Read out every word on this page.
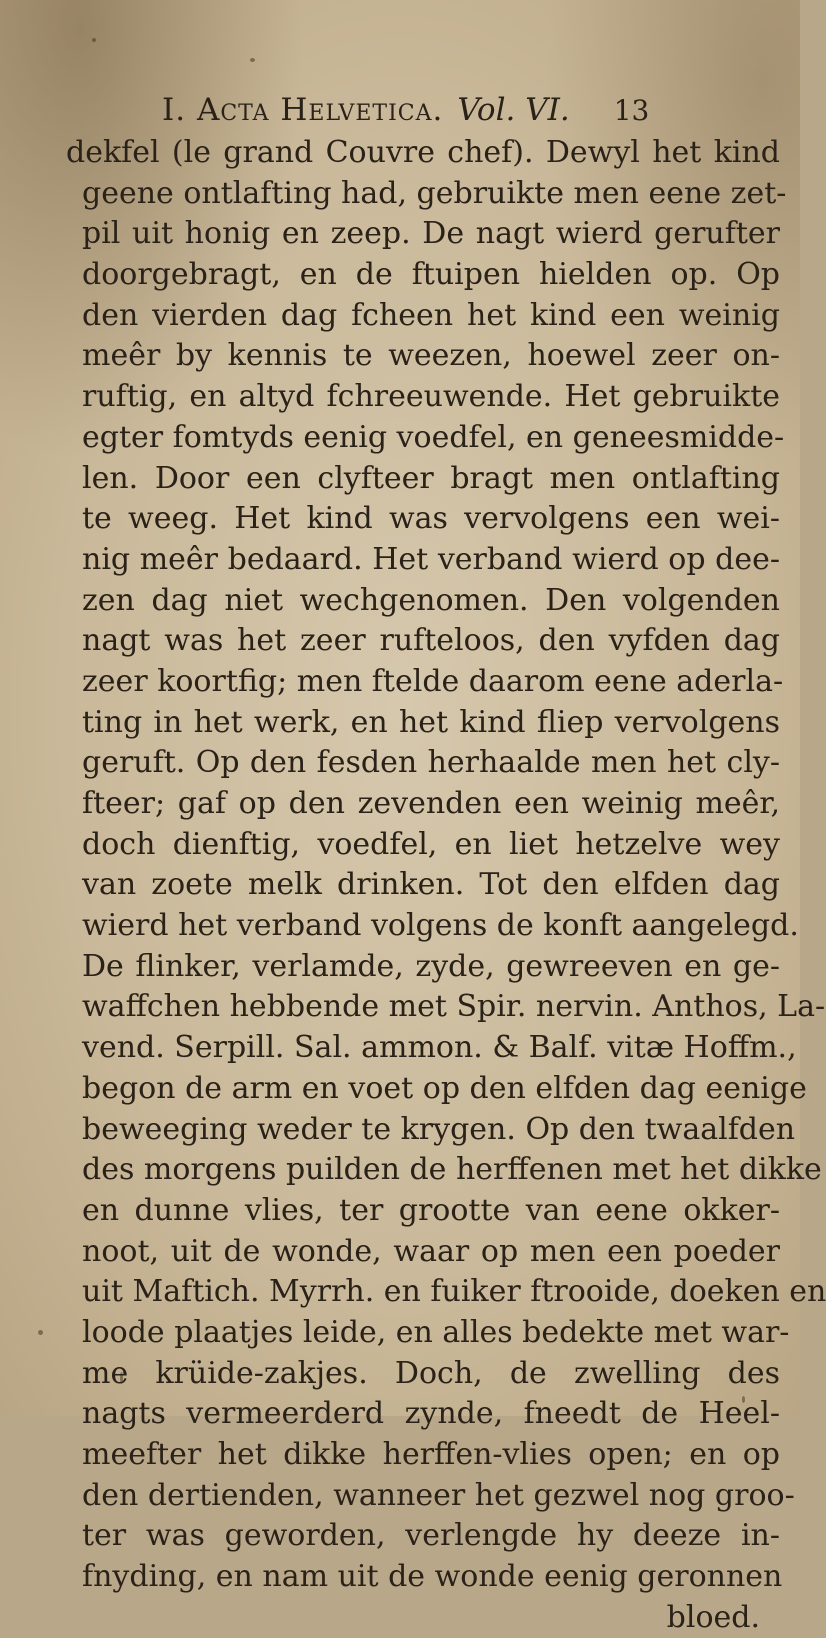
I. Acta Helvetica. Vol. VI. 13
dekfel (le grand Couvre chef). Dewyl het kind
geene ontlafting had, gebruikte men eene zet-
pil uit honig en zeep. De nagt wierd gerufter
doorgebragt, en de ftuipen hielden op. Op
den vierden dag fcheen het kind een weinig
meêr by kennis te weezen, hoewel zeer on-
ruftig, en altyd fchreeuwende. Het gebruikte
egter fomtyds eenig voedfel, en geneesmidde-
len. Door een clyfteer bragt men ontlafting
te weeg. Het kind was vervolgens een wei-
nig meêr bedaard. Het verband wierd op dee-
zen dag niet wechgenomen. Den volgenden
nagt was het zeer rufteloos, den vyfden dag
zeer koortfig; men ftelde daarom eene aderla-
ting in het werk, en het kind fliep vervolgens
geruft. Op den fesden herhaalde men het cly-
fteer; gaf op den zevenden een weinig meêr,
doch dienftig, voedfel, en liet hetzelve wey
van zoete melk drinken. Tot den elfden dag
wierd het verband volgens de konft aangelegd.
De flinker, verlamde, zyde, gewreeven en ge-
waffchen hebbende met Spir. nervin. Anthos, La-
vend. Serpill. Sal. ammon. & Balf. vitæ Hoffm.,
begon de arm en voet op den elfden dag eenige
beweeging weder te krygen. Op den twaalfden
des morgens puilden de herffenen met het dikke
en dunne vlies, ter grootte van eene okker-
noot, uit de wonde, waar op men een poeder
uit Maftich. Myrrh. en fuiker ftrooide, doeken en
loode plaatjes leide, en alles bedekte met war-
me krüide-zakjes. Doch, de zwelling des
nagts vermeerderd zynde, fneedt de Heel-
meefter het dikke herffen-vlies open; en op
den dertienden, wanneer het gezwel nog groo-
ter was geworden, verlengde hy deeze in-
fnyding, en nam uit de wonde eenig geronnen
bloed.
